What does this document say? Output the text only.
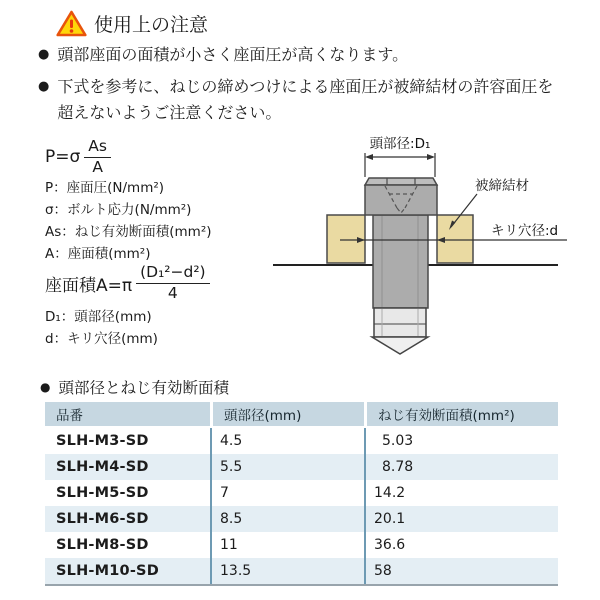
使用上の注意
● 頭部座面の面積が小さく座面圧が高くなります。
● 下式を参考に、ねじの締めつけによる座面圧が被締結材の許容面圧を超えないようご注意ください。
$P=\sigma \frac{As}{A}$
P：座面圧(N/mm²)
σ：ボルト応力(N/mm²)
As：ねじ有効断面積(mm²)
A：座面積(mm²)
座面積$A=\pi \frac{\text{(D₁²−d²)}}{4}$
D₁：頭部径(mm)
d：キリ穴径(mm)
頭部径:D₁
被締結材
キリ穴径:d
● 頭部径とねじ有効断面積
品番	頭部径(mm)	ねじ有効断面積(mm²)
SLH-M3-SD	4.5	5.03
SLH-M4-SD	5.5	8.78
SLH-M5-SD	7	14.2
SLH-M6-SD	8.5	20.1
SLH-M8-SD	11	36.6
SLH-M10-SD	13.5	58
